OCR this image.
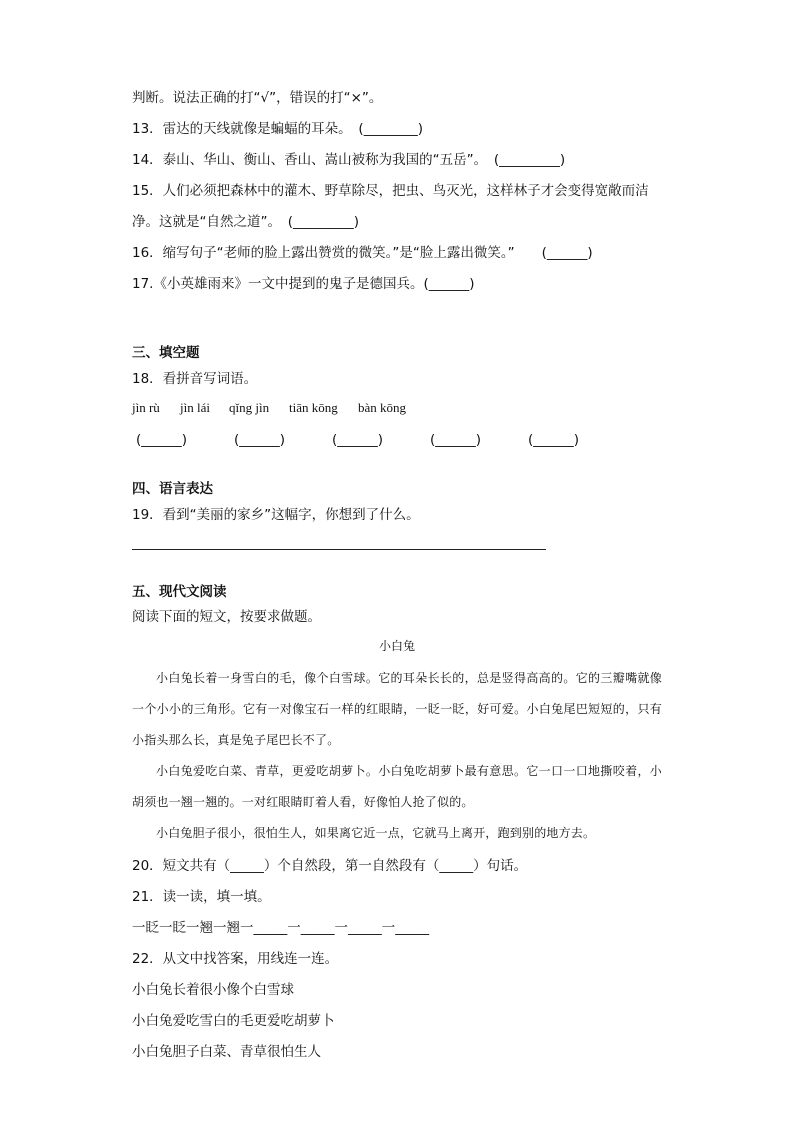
判断。说法正确的打“√”，错误的打“×”。
13．雷达的天线就像是蝙蝠的耳朵。　(________)
14．泰山、华山、衡山、香山、嵩山被称为我国的“五岳”。　(_________)
15．人们必须把森林中的灌木、野草除尽，把虫、鸟灭光，这样林子才会变得宽敞而洁
净。这就是“自然之道”。　(_________)
16．缩写句子“老师的脸上露出赞赏的微笑。”是“脸上露出微笑。”　　(______)
17.《小英雄雨来》一文中提到的鬼子是德国兵。(______)
三、填空题
18．看拼音写词语。
jìn rù jìn lái qǐng jìn tiān kōng bàn kōng
(______)	(______)	(______)	(______)	(______)
四、语言表达
19．看到“美丽的家乡”这幅字，你想到了什么。
五、现代文阅读
阅读下面的短文，按要求做题。
小白兔

小白兔长着一身雪白的毛，像个白雪球。它的耳朵长长的，总是竖得高高的。它的三瓣嘴就像一个小小的三角形。它有一对像宝石一样的红眼睛，一眨一眨，好可爱。小白兔尾巴短短的，只有小指头那么长，真是兔子尾巴长不了。

小白兔爱吃白菜、青草，更爱吃胡萝卜。小白兔吃胡萝卜最有意思。它一口一口地撕咬着，小胡须也一翘一翘的。一对红眼睛盯着人看，好像怕人抢了似的。

小白兔胆子很小，很怕生人，如果离它近一点，它就马上离开，跑到别的地方去。

20．短文共有（_____）个自然段，第一自然段有（_____）句话。
21．读一读，填一填。
一眨一眨一翘一翘一_____一_____一_____一_____
22．从文中找答案，用线连一连。
小白兔长着很小像个白雪球
小白兔爱吃雪白的毛更爱吃胡萝卜
小白兔胆子白菜、青草很怕生人
